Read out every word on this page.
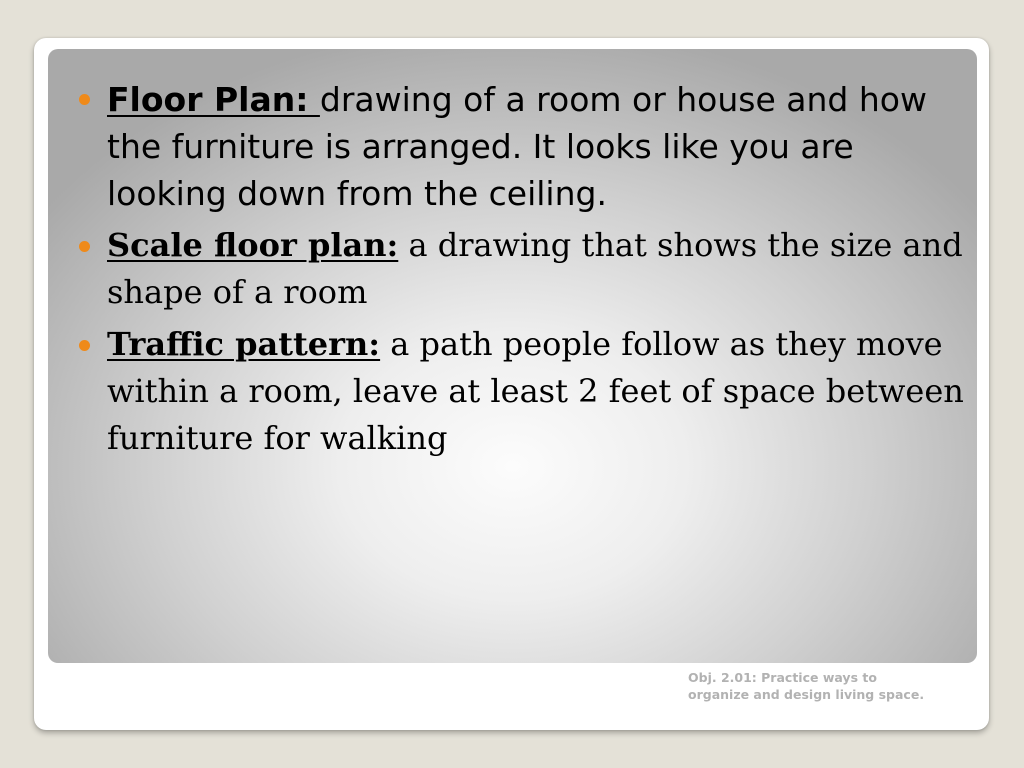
Floor Plan: drawing of a room or house and how the furniture is arranged. It looks like you are looking down from the ceiling.
Scale floor plan: a drawing that shows the size and shape of a room
Traffic pattern: a path people follow as they move within a room, leave at least 2 feet of space between furniture for walking
Obj. 2.01: Practice ways to organize and design living space.
